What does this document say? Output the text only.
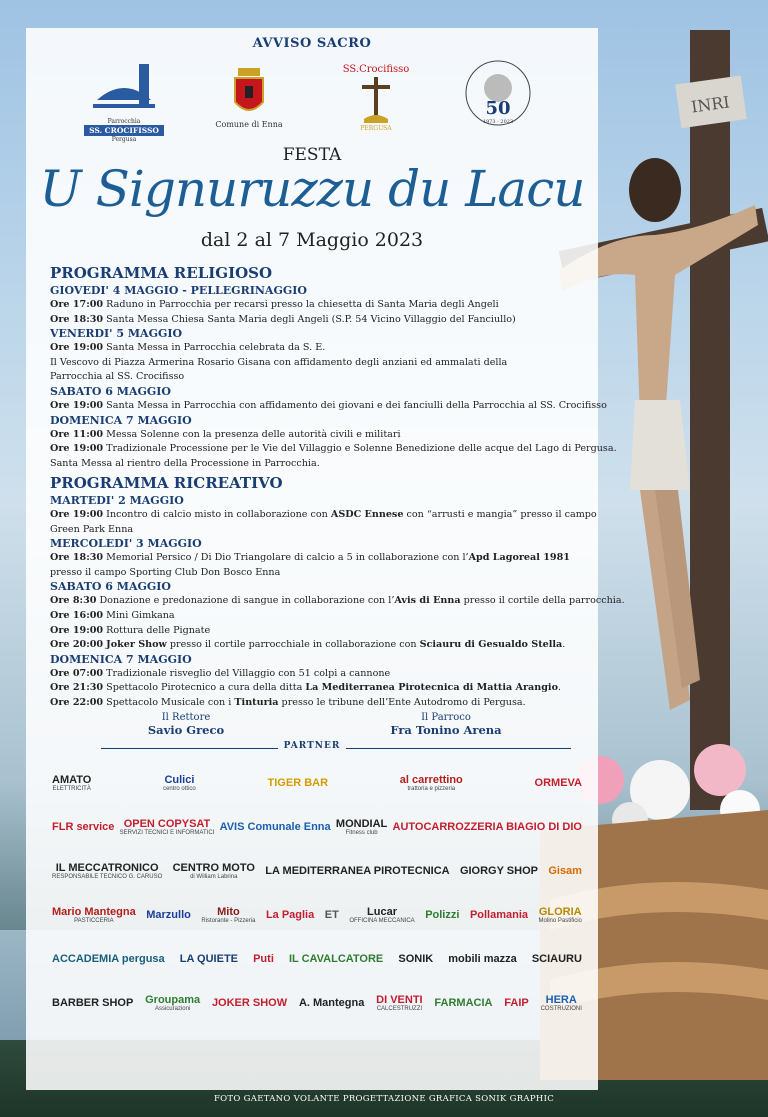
INRI
AVVISO SACRO
Parrocchia
SS. CROCIFISSO
Pergusa
Comune di Enna
SS.Crocifisso
PERGUSA
50
1973 - 2023
FESTA
U Signuruzzu du Lacu
dal 2 al 7 Maggio 2023
PROGRAMMA RELIGIOSO
GIOVEDI' 4 MAGGIO - PELLEGRINAGGIO

Ore 17:00 Raduno in Parrocchia per recarsi presso la chiesetta di Santa Maria degli Angeli

Ore 18:30 Santa Messa Chiesa Santa Maria degli Angeli (S.P. 54 Vicino Villaggio del Fanciullo)

VENERDI' 5 MAGGIO

Ore 19:00 Santa Messa in Parrocchia celebrata da S. E.

Il Vescovo di Piazza Armerina Rosario Gisana con affidamento degli anziani ed ammalati della

Parrocchia al SS. Crocifisso

SABATO 6 MAGGIO

Ore 19:00 Santa Messa in Parrocchia con affidamento dei giovani e dei fanciulli della Parrocchia al SS. Crocifisso

DOMENICA 7 MAGGIO

Ore 11:00 Messa Solenne con la presenza delle autorità civili e militari

Ore 19:00 Tradizionale Processione per le Vie del Villaggio e Solenne Benedizione delle acque del Lago di Pergusa.

Santa Messa al rientro della Processione in Parrocchia.

PROGRAMMA RICREATIVO
MARTEDI' 2 MAGGIO

Ore 19:00 Incontro di calcio misto in collaborazione con ASDC Ennese con “arrusti e mangia” presso il campo

Green Park Enna

MERCOLEDI' 3 MAGGIO

Ore 18:30 Memorial Persico / Di Dio Triangolare di calcio a 5 in collaborazione con l’Apd Lagoreal 1981

presso il campo Sporting Club Don Bosco Enna

SABATO 6 MAGGIO

Ore 8:30 Donazione e predonazione di sangue in collaborazione con l’Avis di Enna presso il cortile della parrocchia.

Ore 16:00 Mini Gimkana

Ore 19:00 Rottura delle Pignate

Ore 20:00 Joker Show presso il cortile parrocchiale in collaborazione con Sciauru di Gesualdo Stella.

DOMENICA 7 MAGGIO

Ore 07:00 Tradizionale risveglio del Villaggio con 51 colpi a cannone

Ore 21:30 Spettacolo Pirotecnico a cura della ditta La Mediterranea Pirotecnica di Mattia Arangio.

Ore 22:00 Spettacolo Musicale con i Tinturia presso le tribune dell’Ente Autodromo di Pergusa.

Il Rettore
Savio Greco
Il Parroco
Fra Tonino Arena
PARTNER
AMATO
ELETTRICITÀ
Culici
centro ottico	TIGER BAR	al carrettino
trattoria e pizzeria	ORMEVA
FLR service OPEN COPYSAT
SERVIZI TECNICI E INFORMATICI AVIS Comunale Enna MONDIAL
Fitness club	AUTOCARROZZERIA BIAGIO DI DIO
IL MECCATRONICO
RESPONSABILE TECNICO G. CARUSO
CENTRO MOTO
di William Labrina	LA MEDITERRANEA PIROTECNICA GIORGY SHOP Gisam
Mario Mantegna
PASTICCERIA	Marzullo	Mito
Ristorante - Pizzeria La Paglia ET	Lucar
OFFICINA MECCANICA Polizzi Pollamania GLORIA
Molino Pastificio
ACCADEMIA pergusa LA QUIETE Puti IL CAVALCATORE SONIK mobili mazza SCIAURU
BARBER SHOP Groupama
Assicurazioni	JOKER SHOW A. Mantegna DI VENTI
CALCESTRUZZI FARMACIA FAIP	HERA
COSTRUZIONI
FOTO GAETANO VOLANTE PROGETTAZIONE GRAFICA SONIK GRAPHIC
